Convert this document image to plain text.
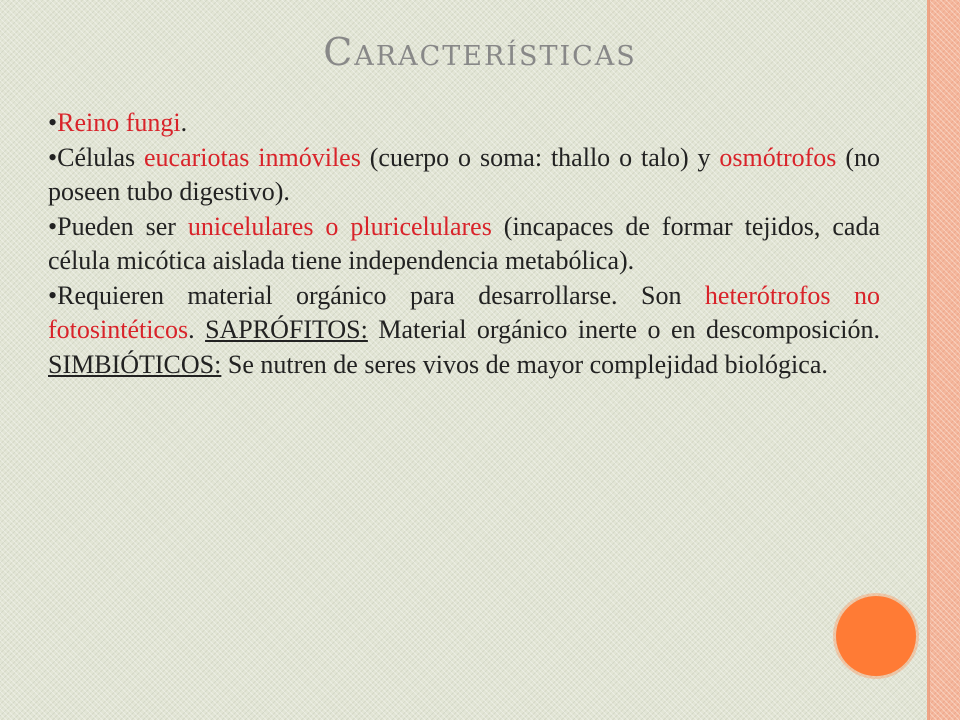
Características

•Reino fungi.

•Células eucariotas inmóviles (cuerpo o soma: thallo o talo) y osmótrofos (no poseen tubo digestivo).

•Pueden ser unicelulares o pluricelulares (incapaces de formar tejidos, cada célula micótica aislada tiene independencia metabólica).

•Requieren material orgánico para desarrollarse. Son heterótrofos no fotosintéticos. SAPRÓFITOS: Material orgánico inerte o en descomposición. SIMBIÓTICOS: Se nutren de seres vivos de mayor complejidad biológica.
